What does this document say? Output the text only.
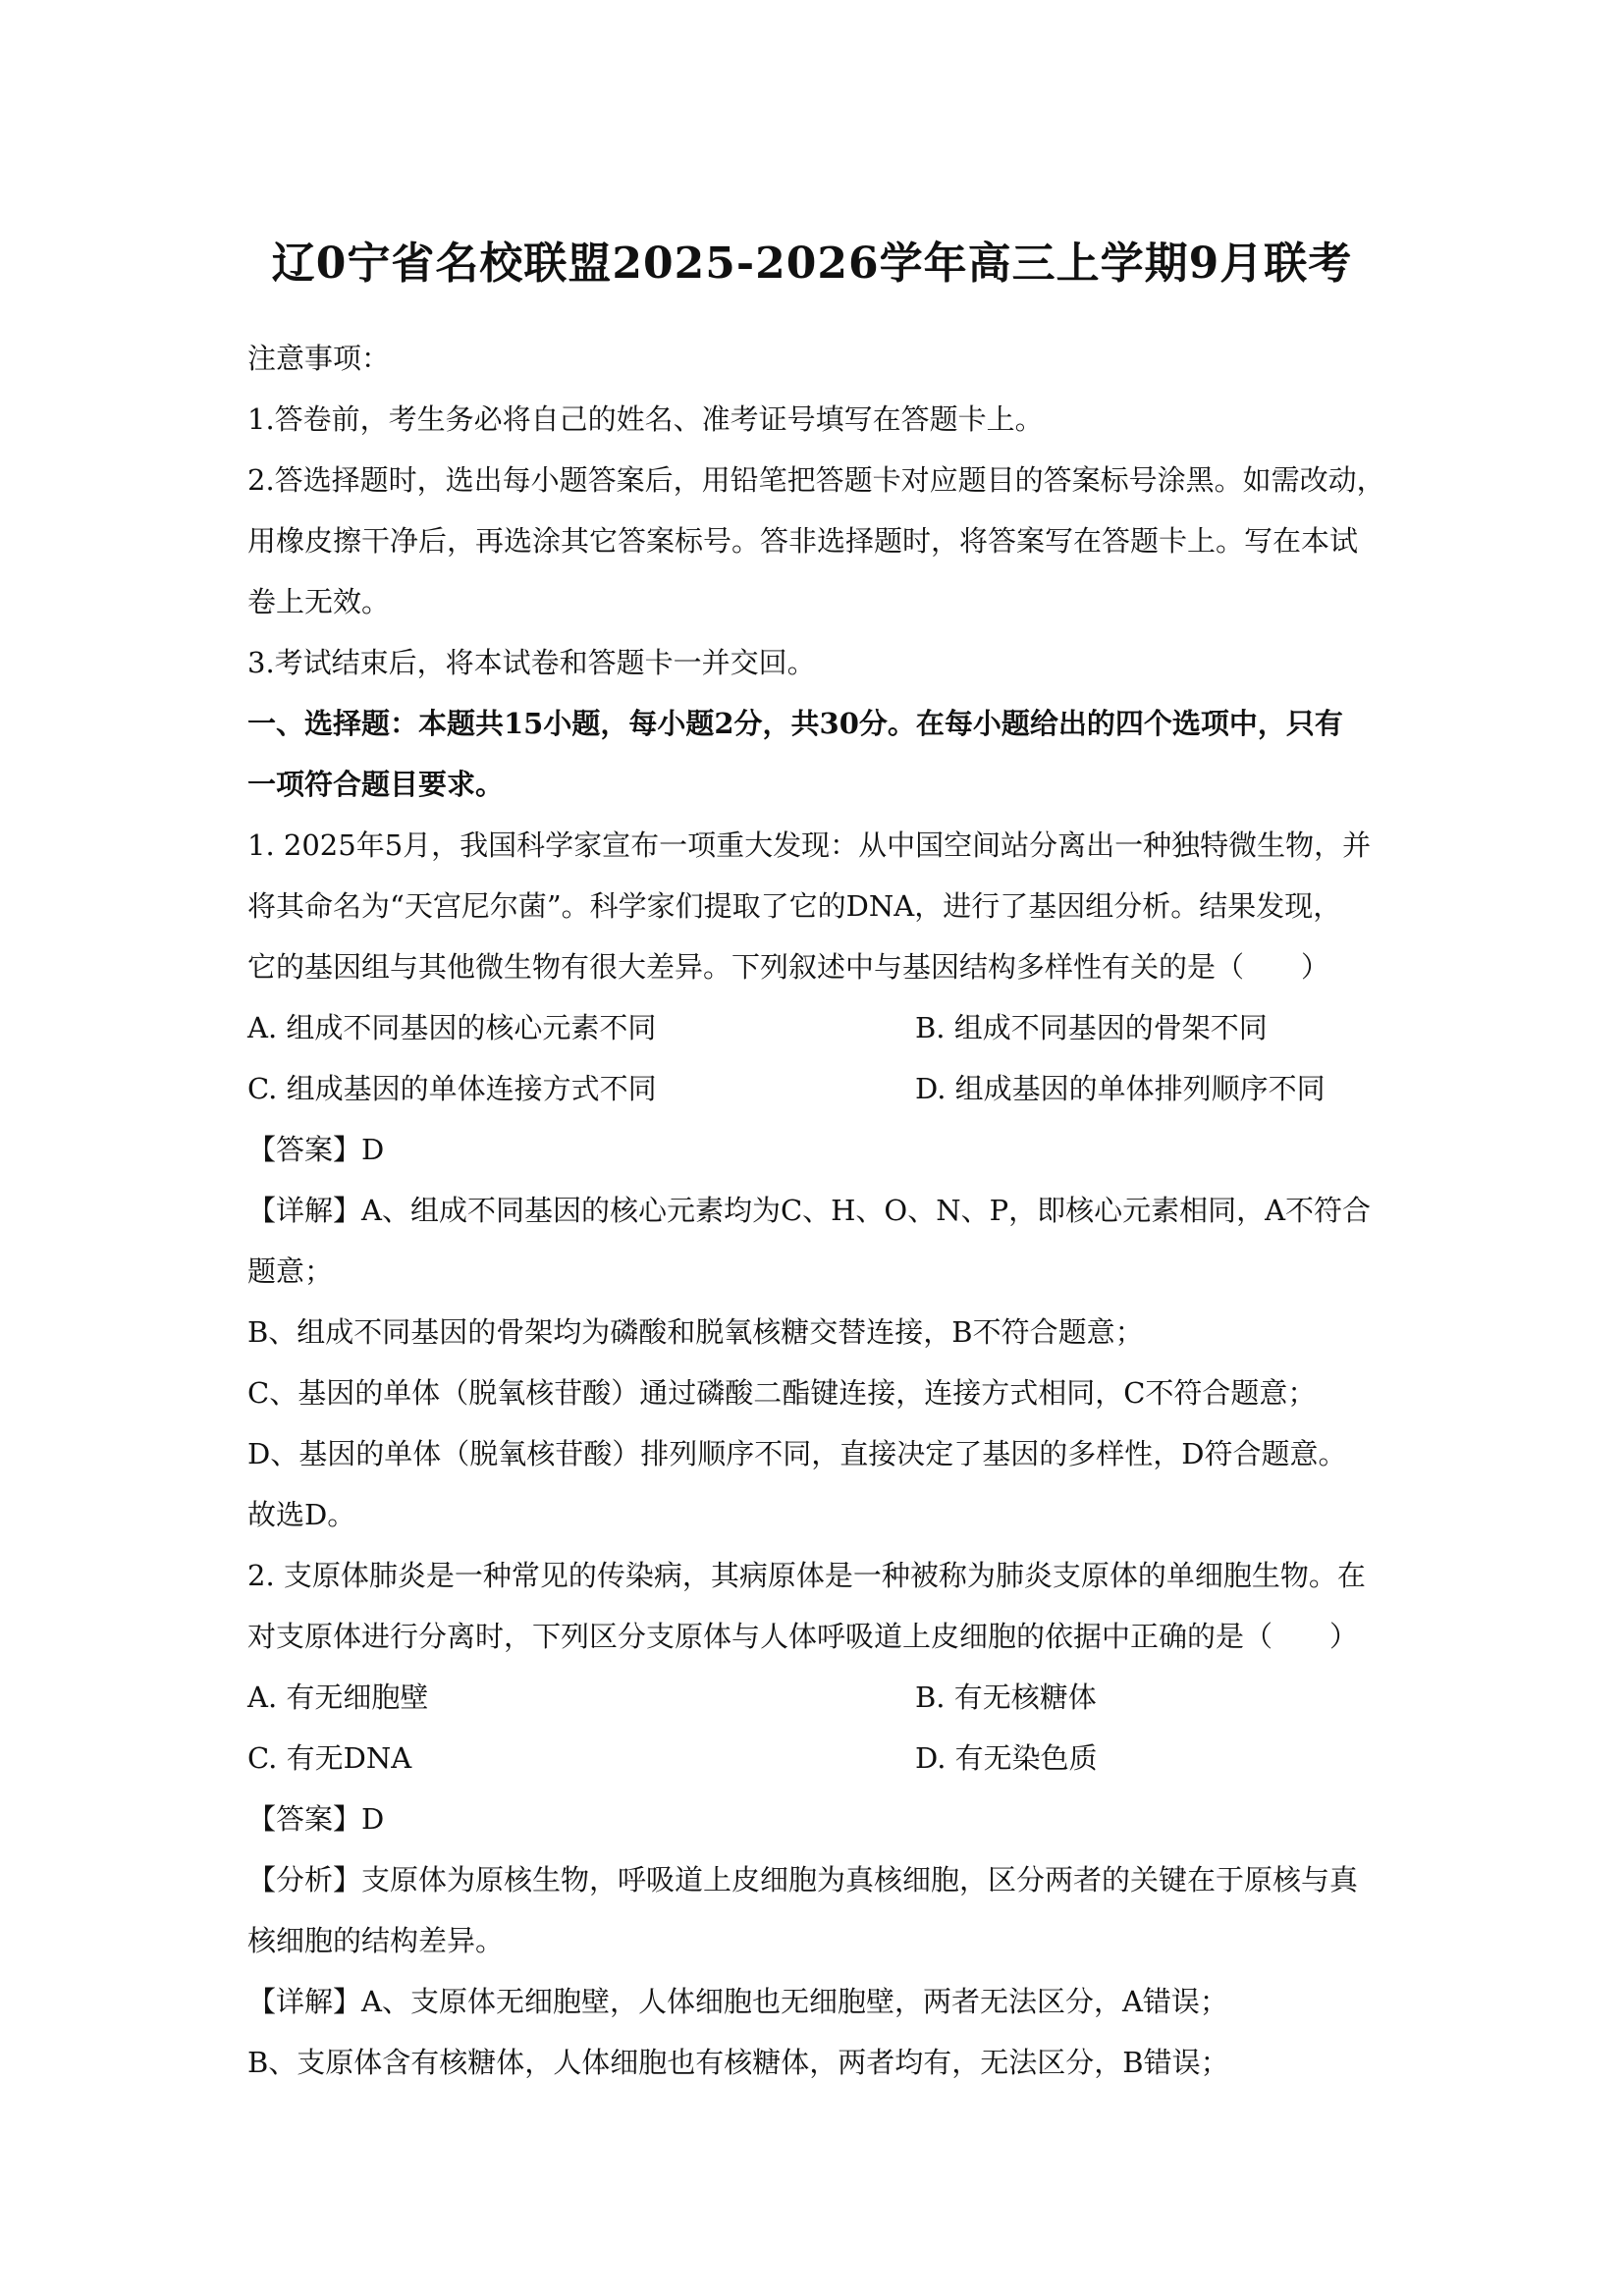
辽0宁省名校联盟2025-2026学年高三上学期9月联考
注意事项：
1.答卷前，考生务必将自己的姓名、准考证号填写在答题卡上。
2.答选择题时，选出每小题答案后，用铅笔把答题卡对应题目的答案标号涂黑。如需改动，
用橡皮擦干净后，再选涂其它答案标号。答非选择题时，将答案写在答题卡上。写在本试
卷上无效。
3.考试结束后，将本试卷和答题卡一并交回。
一、选择题：本题共15小题，每小题2分，共30分。在每小题给出的四个选项中，只有
一项符合题目要求。
1. 2025年5月，我国科学家宣布一项重大发现：从中国空间站分离出一种独特微生物，并
将其命名为“天宫尼尔菌”。科学家们提取了它的DNA，进行了基因组分析。结果发现，
它的基因组与其他微生物有很大差异。下列叙述中与基因结构多样性有关的是（　　）
A. 组成不同基因的核心元素不同	B. 组成不同基因的骨架不同
C. 组成基因的单体连接方式不同	D. 组成基因的单体排列顺序不同
【答案】D
【详解】A、组成不同基因的核心元素均为C、H、O、N、P，即核心元素相同，A不符合
题意；
B、组成不同基因的骨架均为磷酸和脱氧核糖交替连接，B不符合题意；
C、基因的单体（脱氧核苷酸）通过磷酸二酯键连接，连接方式相同，C不符合题意；
D、基因的单体（脱氧核苷酸）排列顺序不同，直接决定了基因的多样性，D符合题意。
故选D。
2. 支原体肺炎是一种常见的传染病，其病原体是一种被称为肺炎支原体的单细胞生物。在
对支原体进行分离时，下列区分支原体与人体呼吸道上皮细胞的依据中正确的是（　　）
A. 有无细胞壁	B. 有无核糖体
C. 有无DNA	D. 有无染色质
【答案】D
【分析】支原体为原核生物，呼吸道上皮细胞为真核细胞，区分两者的关键在于原核与真
核细胞的结构差异。
【详解】A、支原体无细胞壁，人体细胞也无细胞壁，两者无法区分，A错误；
B、支原体含有核糖体，人体细胞也有核糖体，两者均有，无法区分，B错误；
